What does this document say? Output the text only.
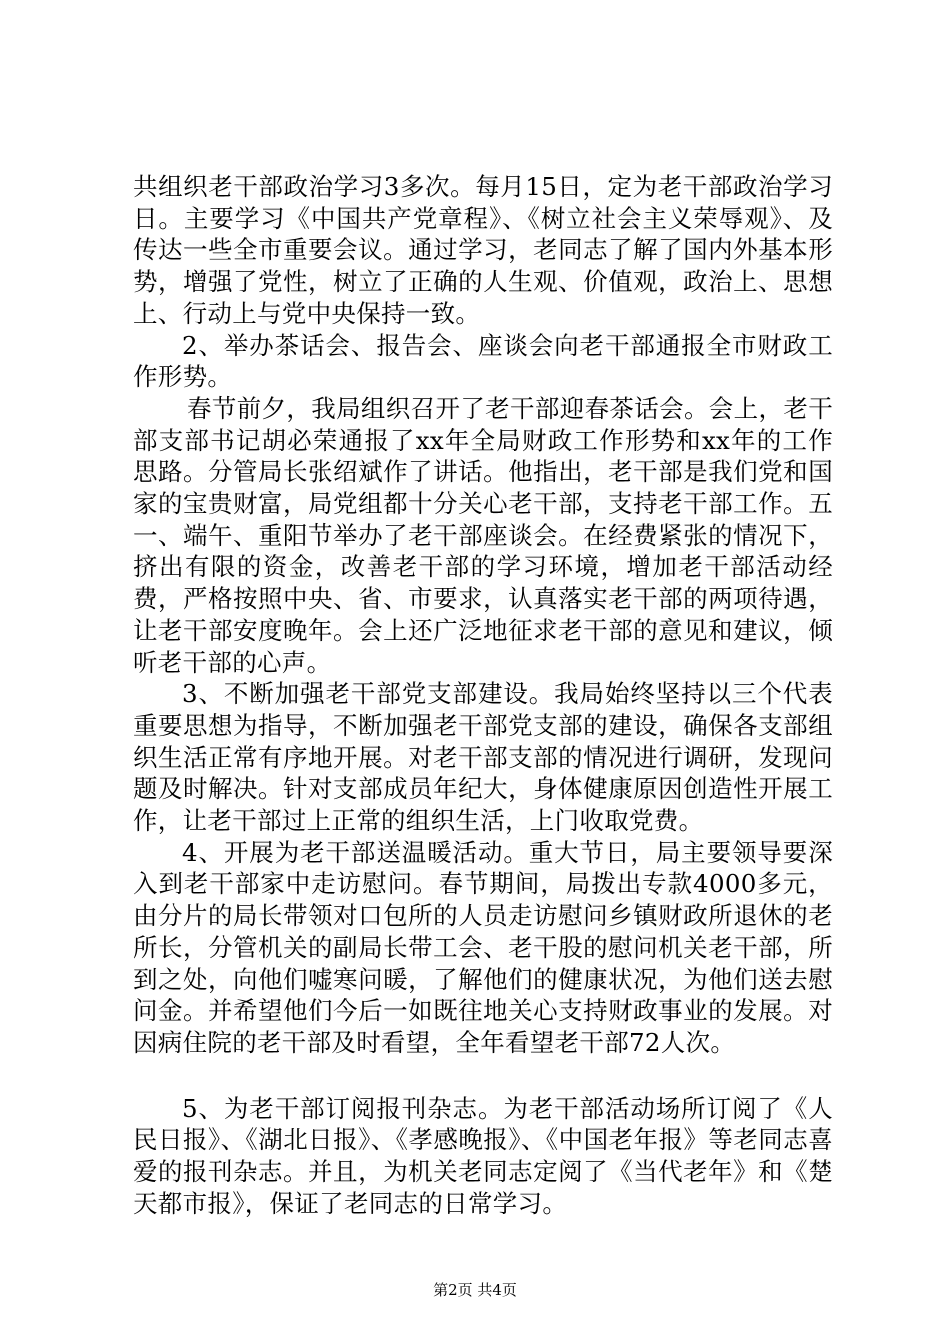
共组织老干部政治学习3多次。每月15日，定为老干部政治学习日。主要学习《中国共产党章程》、《树立社会主义荣辱观》、及传达一些全市重要会议。通过学习，老同志了解了国内外基本形势，增强了党性，树立了正确的人生观、价值观，政治上、思想上、行动上与党中央保持一致。

2、举办茶话会、报告会、座谈会向老干部通报全市财政工作形势。

春节前夕，我局组织召开了老干部迎春茶话会。会上，老干部支部书记胡必荣通报了xx年全局财政工作形势和xx年的工作思路。分管局长张绍斌作了讲话。他指出，老干部是我们党和国家的宝贵财富，局党组都十分关心老干部，支持老干部工作。五一、端午、重阳节举办了老干部座谈会。在经费紧张的情况下，挤出有限的资金，改善老干部的学习环境，增加老干部活动经费，严格按照中央、省、市要求，认真落实老干部的两项待遇，让老干部安度晚年。会上还广泛地征求老干部的意见和建议，倾听老干部的心声。

3、不断加强老干部党支部建设。我局始终坚持以三个代表重要思想为指导，不断加强老干部党支部的建设，确保各支部组织生活正常有序地开展。对老干部支部的情况进行调研，发现问题及时解决。针对支部成员年纪大，身体健康原因创造性开展工作，让老干部过上正常的组织生活，上门收取党费。

4、开展为老干部送温暖活动。重大节日，局主要领导要深入到老干部家中走访慰问。春节期间，局拨出专款4000多元，由分片的局长带领对口包所的人员走访慰问乡镇财政所退休的老所长，分管机关的副局长带工会、老干股的慰问机关老干部，所到之处，向他们嘘寒问暖，了解他们的健康状况，为他们送去慰问金。并希望他们今后一如既往地关心支持财政事业的发展。对因病住院的老干部及时看望，全年看望老干部72人次。

5、为老干部订阅报刊杂志。为老干部活动场所订阅了《人民日报》、《湖北日报》、《孝感晚报》、《中国老年报》等老同志喜爱的报刊杂志。并且，为机关老同志定阅了《当代老年》和《楚天都市报》，保证了老同志的日常学习。

第2页 共4页
